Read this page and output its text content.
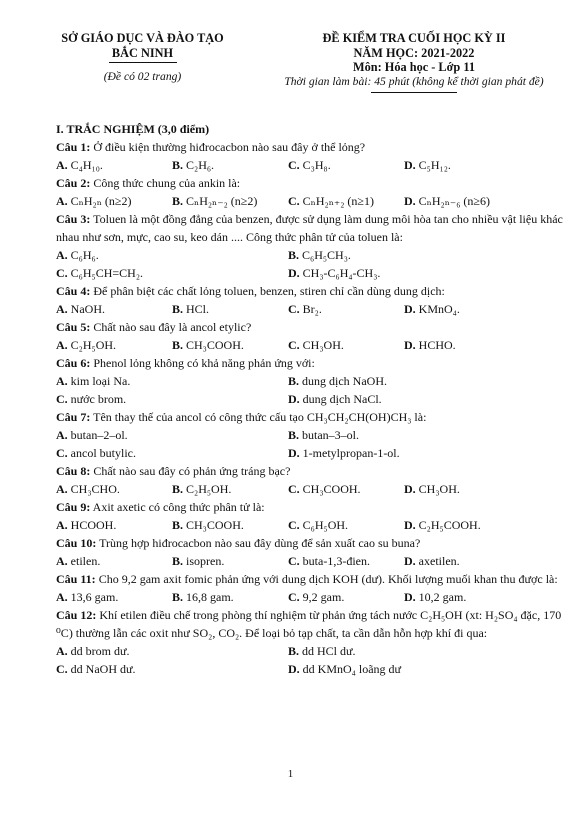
SỞ GIÁO DỤC VÀ ĐÀO TẠO
BẮC NINH
(Đề có 02 trang)
ĐỀ KIỂM TRA CUỐI HỌC KỲ II
NĂM HỌC: 2021-2022
Môn: Hóa học - Lớp 11
Thời gian làm bài: 45 phút (không kể thời gian phát đề)
I. TRẮC NGHIỆM (3,0 điểm)
Câu 1: Ở điều kiện thường hiđrocacbon nào sau đây ở thể lỏng?
A. C₄H₁₀.	B. C₂H₆.	C. C₃H₈.	D. C₅H₁₂.
Câu 2: Công thức chung của ankin là:
A. CₙH₂ₙ (n≥2)	B. CₙH₂ₙ₋₂ (n≥2)	C. CₙH₂ₙ₊₂ (n≥1)	D. CₙH₂ₙ₋₆ (n≥6)
Câu 3: Toluen là một đồng đẳng của benzen, được sử dụng làm dung môi hòa tan cho nhiều vật liệu khác nhau như sơn, mực, cao su, keo dán .... Công thức phân tử của toluen là:
A. C₆H₆.	B. C₆H₅CH₃.
C. C₆H₅CH=CH₂.	D. CH₃-C₆H₄-CH₃.
Câu 4: Để phân biệt các chất lỏng toluen, benzen, stiren chỉ cần dùng dung dịch:
A. NaOH.	B. HCl.	C. Br₂.	D. KMnO₄.
Câu 5: Chất nào sau đây là ancol etylic?
A. C₂H₅OH.	B. CH₃COOH.	C. CH₃OH.	D. HCHO.
Câu 6: Phenol lỏng không có khả năng phản ứng với:
A. kim loại Na.	B. dung dịch NaOH.
C. nước brom.	D. dung dịch NaCl.
Câu 7: Tên thay thế của ancol có công thức cấu tạo CH₃CH₂CH(OH)CH₃ là:
A. butan–2–ol.	B. butan–3–ol.
C. ancol butylic.	D. 1-metylpropan-1-ol.
Câu 8: Chất nào sau đây có phản ứng tráng bạc?
A. CH₃CHO.	B. C₂H₅OH.	C. CH₃COOH.	D. CH₃OH.
Câu 9: Axit axetic có công thức phân tử là:
A. HCOOH.	B. CH₃COOH.	C. C₆H₅OH.	D. C₂H₅COOH.
Câu 10: Trùng hợp hiđrocacbon nào sau đây dùng để sản xuất cao su buna?
A. etilen.	B. isopren.	C. buta-1,3-đien.	D. axetilen.
Câu 11: Cho 9,2 gam axit fomic phản ứng với dung dịch KOH (dư). Khối lượng muối khan thu được là:
A. 13,6 gam.	B. 16,8 gam.	C. 9,2 gam.	D. 10,2 gam.
Câu 12: Khí etilen điều chế trong phòng thí nghiệm từ phản ứng tách nước C₂H₅OH (xt: H₂SO₄ đặc, 170 ⁰C) thường lẫn các oxit như SO₂, CO₂. Để loại bỏ tạp chất, ta cần dẫn hỗn hợp khí đi qua:
A. dd brom dư.	B. dd HCl dư.
C. dd NaOH dư.	D. dd KMnO₄ loãng dư
1
